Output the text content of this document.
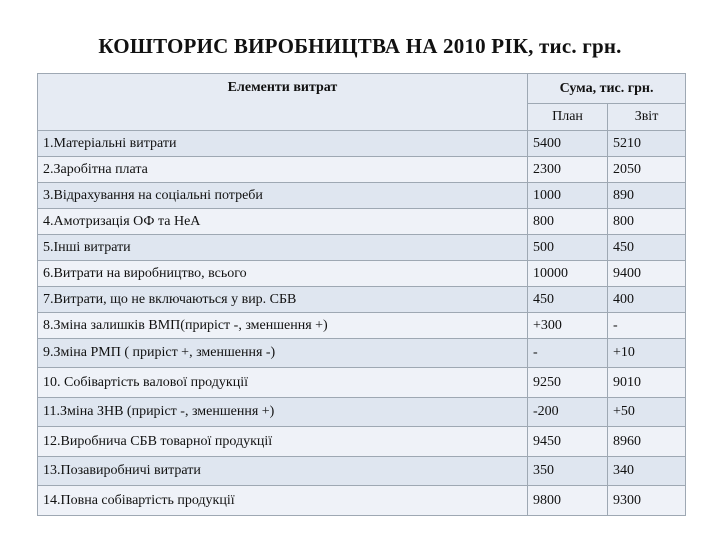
КОШТОРИС ВИРОБНИЦТВА НА 2010 РІК, тис. грн.
Елементи витрат	Сума, тис. грн.	
	План	Звіт
1.Матеріальні витрати	5400	5210
2.Заробітна плата	2300	2050
3.Відрахування на соціальні потреби	1000	890
4.Амотризація ОФ та НеА	800	800
5.Інші витрати	500	450
6.Витрати на виробництво, всього	10000	9400
7.Витрати, що не включаються у вир. СБВ	450	400
8.Зміна залишків ВМП(приріст -, зменшення +)	+300	-
9.Зміна РМП ( приріст +, зменшення -)	-	+10
10. Собівартість валової продукції	9250	9010
11.Зміна ЗНВ (приріст -, зменшення +)	-200	+50
12.Виробнича СБВ товарної продукції	9450	8960
13.Позавиробничі витрати	350	340
14.Повна собівартість продукції	9800	9300
